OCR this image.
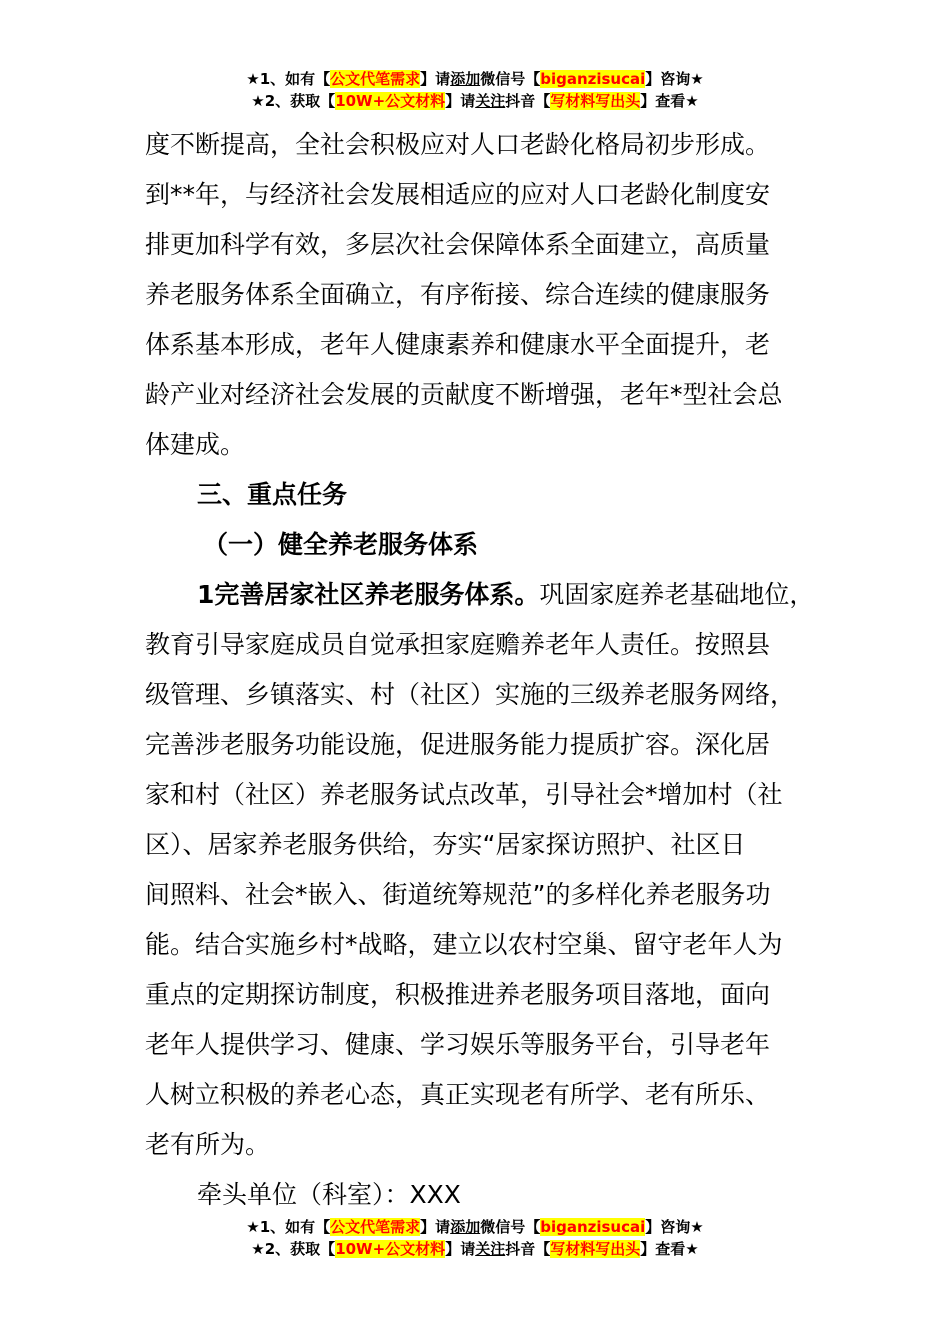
★1、如有【公文代笔需求】请添加微信号【biganzisucai】咨询★
★2、获取【10W+公文材料】请关注抖音【写材料写出头】查看★
度不断提高，全社会积极应对人口老龄化格局初步形成。
到**年，与经济社会发展相适应的应对人口老龄化制度安
排更加科学有效，多层次社会保障体系全面建立，高质量
养老服务体系全面确立，有序衔接、综合连续的健康服务
体系基本形成，老年人健康素养和健康水平全面提升，老
龄产业对经济社会发展的贡献度不断增强，老年*型社会总
体建成。
三、重点任务
（一）健全养老服务体系
1完善居家社区养老服务体系。巩固家庭养老基础地位，
教育引导家庭成员自觉承担家庭赡养老年人责任。按照县
级管理、乡镇落实、村（社区）实施的三级养老服务网络，
完善涉老服务功能设施，促进服务能力提质扩容。深化居
家和村（社区）养老服务试点改革，引导社会*增加村（社
区）、居家养老服务供给，夯实“居家探访照护、社区日
间照料、社会*嵌入、街道统筹规范”的多样化养老服务功
能。结合实施乡村*战略，建立以农村空巢、留守老年人为
重点的定期探访制度，积极推进养老服务项目落地，面向
老年人提供学习、健康、学习娱乐等服务平台，引导老年
人树立积极的养老心态，真正实现老有所学、老有所乐、
老有所为。
牵头单位（科室）：XXX
★1、如有【公文代笔需求】请添加微信号【biganzisucai】咨询★
★2、获取【10W+公文材料】请关注抖音【写材料写出头】查看★
